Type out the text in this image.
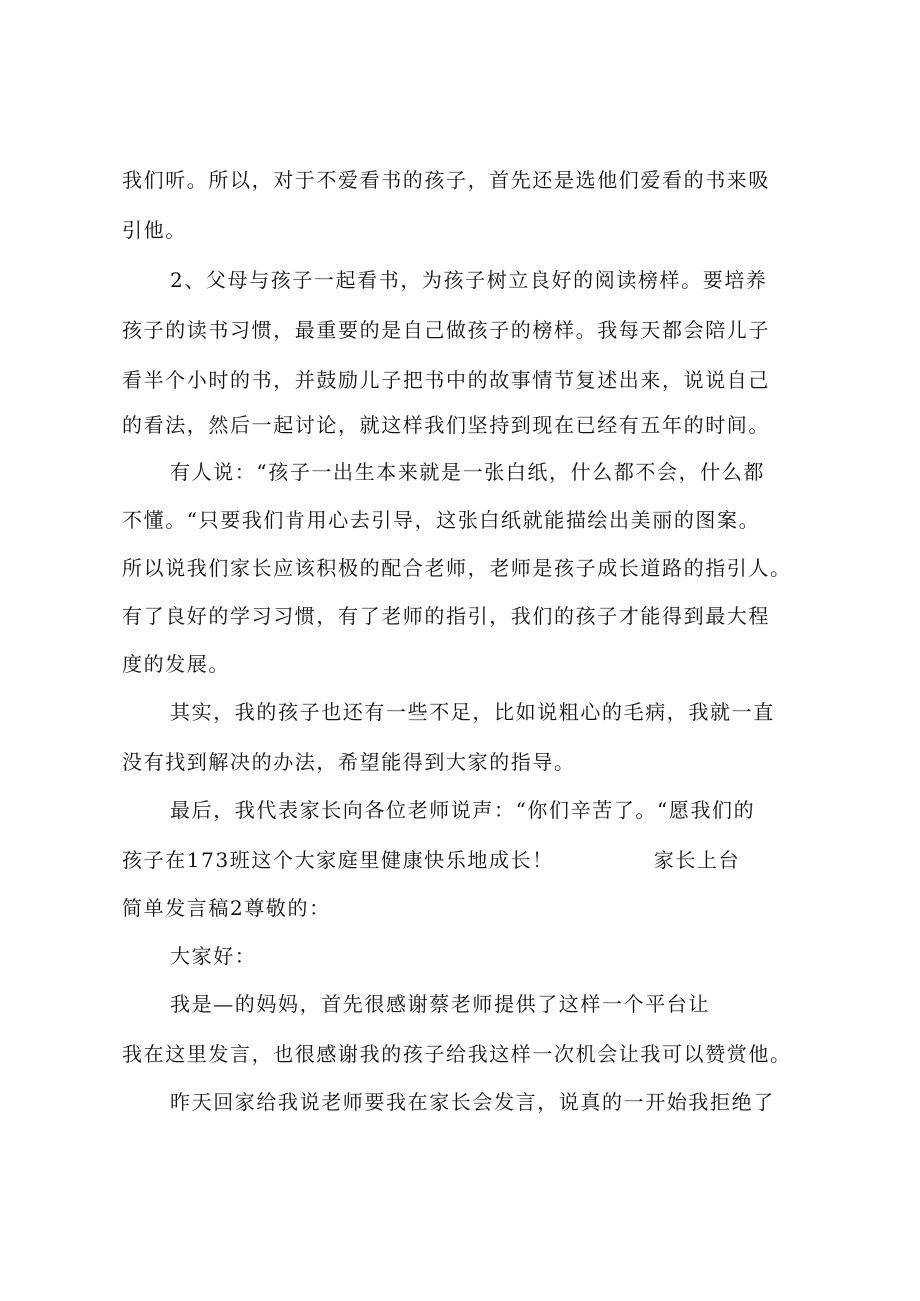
我们听。所以，对于不爱看书的孩子，首先还是选他们爱看的书来吸
引他。
2、父母与孩子一起看书，为孩子树立良好的阅读榜样。要培养
孩子的读书习惯，最重要的是自己做孩子的榜样。我每天都会陪儿子
看半个小时的书，并鼓励儿子把书中的故事情节复述出来，说说自己
的看法，然后一起讨论，就这样我们坚持到现在已经有五年的时间。
有人说：“孩子一出生本来就是一张白纸，什么都不会，什么都
不懂。“只要我们肯用心去引导，这张白纸就能描绘出美丽的图案。
所以说我们家长应该积极的配合老师，老师是孩子成长道路的指引人。
有了良好的学习习惯，有了老师的指引，我们的孩子才能得到最大程
度的发展。
其实，我的孩子也还有一些不足，比如说粗心的毛病，我就一直
没有找到解决的办法，希望能得到大家的指导。
最后，我代表家长向各位老师说声：“你们辛苦了。“愿我们的
孩子在173班这个大家庭里健康快乐地成长！	家长上台
简单发言稿2尊敬的：
大家好：
我是—的妈妈，首先很感谢蔡老师提供了这样一个平台让
我在这里发言，也很感谢我的孩子给我这样一次机会让我可以赞赏他。
昨天回家给我说老师要我在家长会发言，说真的一开始我拒绝了
